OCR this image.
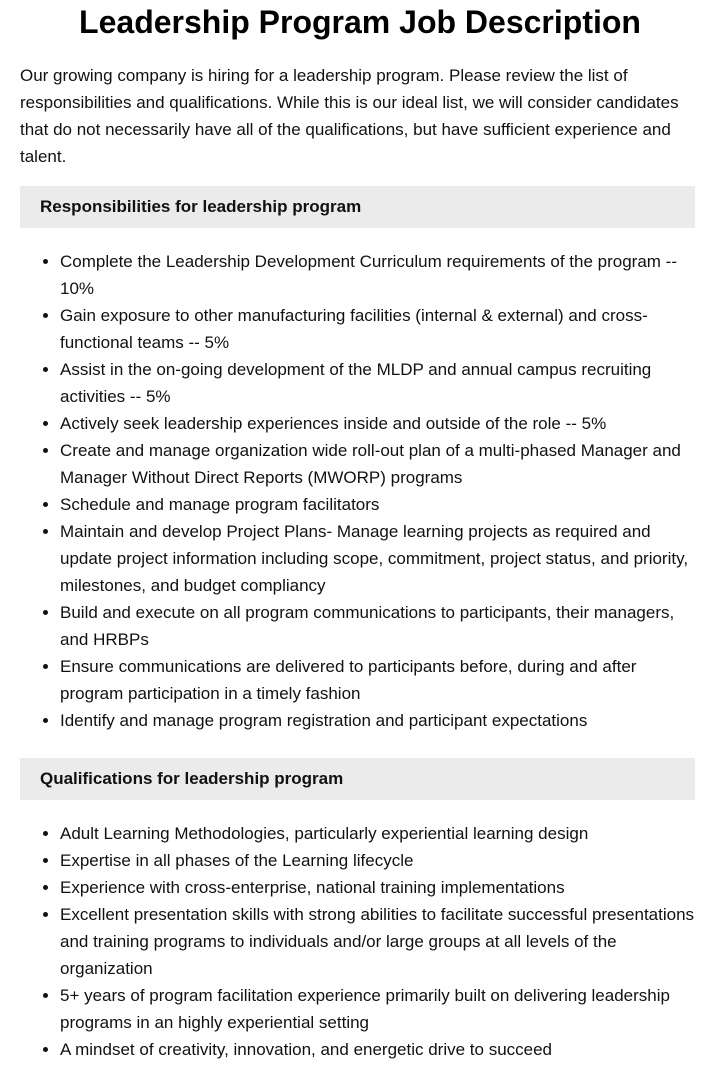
Leadership Program Job Description

Our growing company is hiring for a leadership program. Please review the list of responsibilities and qualifications. While this is our ideal list, we will consider candidates that do not necessarily have all of the qualifications, but have sufficient experience and talent.

Responsibilities for leadership program
• Complete the Leadership Development Curriculum requirements of the program -- 10%
• Gain exposure to other manufacturing facilities (internal & external) and cross-functional teams -- 5%
• Assist in the on-going development of the MLDP and annual campus recruiting activities -- 5%
• Actively seek leadership experiences inside and outside of the role -- 5%
• Create and manage organization wide roll-out plan of a multi-phased Manager and Manager Without Direct Reports (MWORP) programs
• Schedule and manage program facilitators
• Maintain and develop Project Plans- Manage learning projects as required and update project information including scope, commitment, project status, and priority, milestones, and budget compliancy
• Build and execute on all program communications to participants, their managers, and HRBPs
• Ensure communications are delivered to participants before, during and after program participation in a timely fashion
• Identify and manage program registration and participant expectations
Qualifications for leadership program
• Adult Learning Methodologies, particularly experiential learning design
• Expertise in all phases of the Learning lifecycle
• Experience with cross-enterprise, national training implementations
• Excellent presentation skills with strong abilities to facilitate successful presentations and training programs to individuals and/or large groups at all levels of the organization
• 5+ years of program facilitation experience primarily built on delivering leadership programs in an highly experiential setting
• A mindset of creativity, innovation, and energetic drive to succeed
